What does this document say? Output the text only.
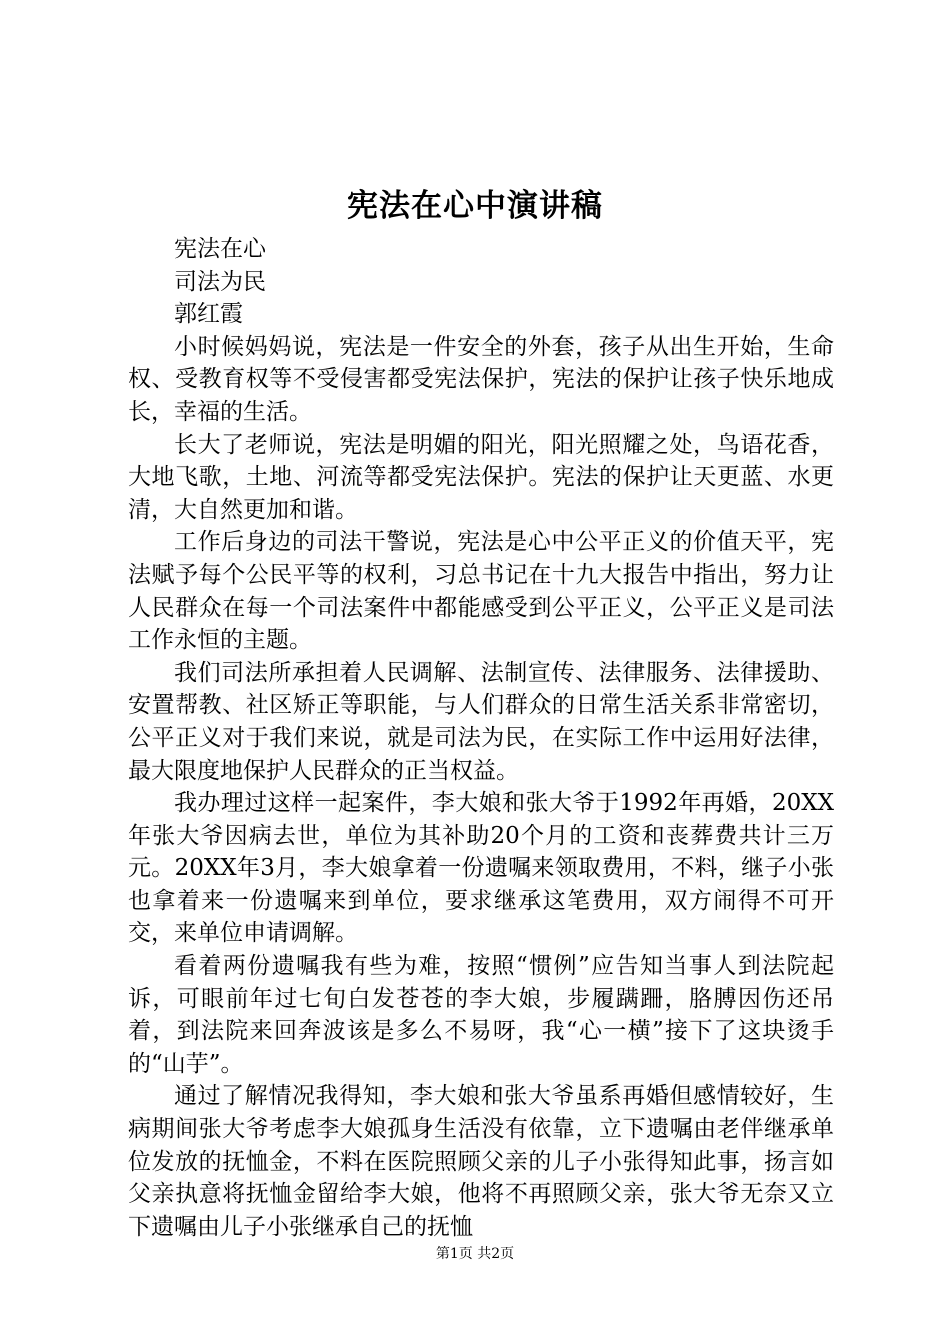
宪法在心中演讲稿

宪法在心

司法为民

郭红霞

小时候妈妈说，宪法是一件安全的外套，孩子从出生开始，生命权、受教育权等不受侵害都受宪法保护，宪法的保护让孩子快乐地成长，幸福的生活。

长大了老师说，宪法是明媚的阳光，阳光照耀之处，鸟语花香，大地飞歌，土地、河流等都受宪法保护。宪法的保护让天更蓝、水更清，大自然更加和谐。

工作后身边的司法干警说，宪法是心中公平正义的价值天平，宪法赋予每个公民平等的权利，习总书记在十九大报告中指出，努力让人民群众在每一个司法案件中都能感受到公平正义，公平正义是司法工作永恒的主题。

我们司法所承担着人民调解、法制宣传、法律服务、法律援助、安置帮教、社区矫正等职能，与人们群众的日常生活关系非常密切，公平正义对于我们来说，就是司法为民，在实际工作中运用好法律，最大限度地保护人民群众的正当权益。

我办理过这样一起案件，李大娘和张大爷于1992年再婚，20XX年张大爷因病去世，单位为其补助20个月的工资和丧葬费共计三万元。20XX年3月，李大娘拿着一份遗嘱来领取费用，不料，继子小张也拿着来一份遗嘱来到单位，要求继承这笔费用，双方闹得不可开交，来单位申请调解。

看着两份遗嘱我有些为难，按照“惯例”应告知当事人到法院起诉，可眼前年过七旬白发苍苍的李大娘，步履蹒跚，胳膊因伤还吊着，到法院来回奔波该是多么不易呀，我“心一横”接下了这块烫手的“山芋”。

通过了解情况我得知，李大娘和张大爷虽系再婚但感情较好，生病期间张大爷考虑李大娘孤身生活没有依靠，立下遗嘱由老伴继承单位发放的抚恤金，不料在医院照顾父亲的儿子小张得知此事，扬言如父亲执意将抚恤金留给李大娘，他将不再照顾父亲，张大爷无奈又立下遗嘱由儿子小张继承自己的抚恤

第1页 共2页
